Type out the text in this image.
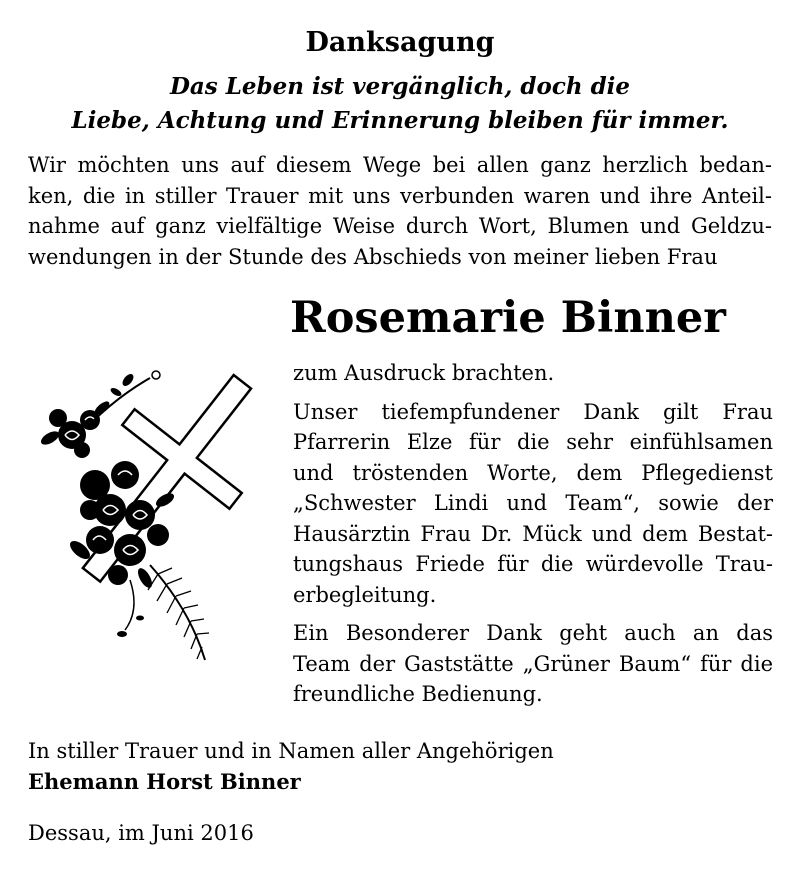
Danksagung
Das Leben ist vergänglich, doch die
Liebe, Achtung und Erinnerung bleiben für immer.
Wir möchten uns auf diesem Wege bei allen ganz herzlich bedan-
ken, die in stiller Trauer mit uns verbunden waren und ihre Anteil-
nahme auf ganz vielfältige Weise durch Wort, Blumen und Geldzu-
wendungen in der Stunde des Abschieds von meiner lieben Frau
Rosemarie Binner
zum Ausdruck brachten.
Unser tiefempfundener Dank gilt Frau
Pfarrerin Elze für die sehr einfühlsamen
und tröstenden Worte, dem Pflegedienst
„Schwester Lindi und Team“, sowie der
Hausärztin Frau Dr. Mück und dem Bestat-
tungshaus Friede für die würdevolle Trau-
erbegleitung.
Ein Besonderer Dank geht auch an das
Team der Gaststätte „Grüner Baum“ für die
freundliche Bedienung.
In stiller Trauer und in Namen aller Angehörigen
Ehemann Horst Binner
Dessau, im Juni 2016
